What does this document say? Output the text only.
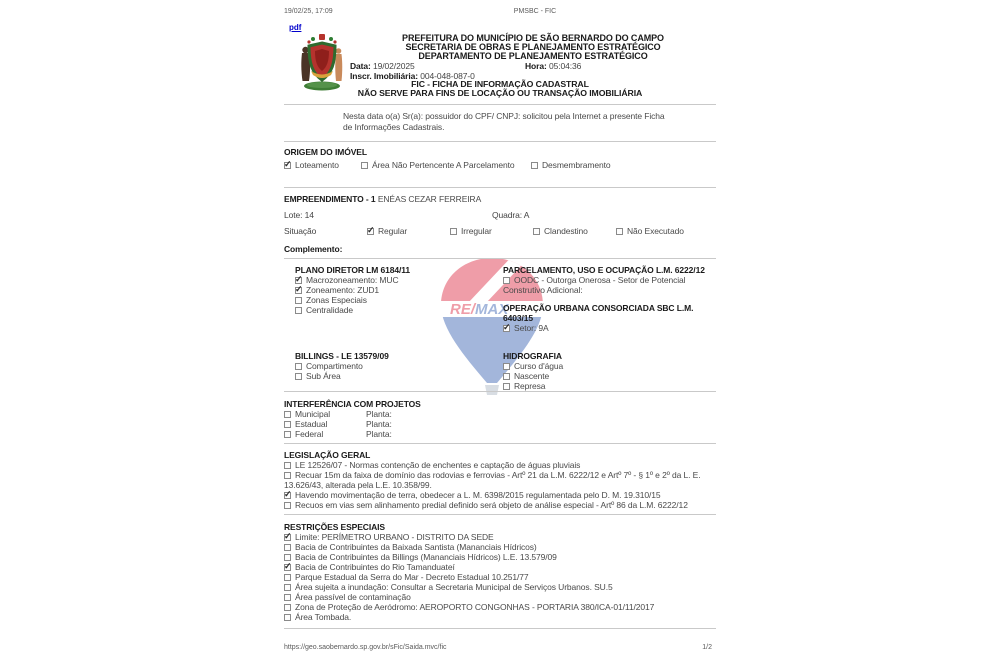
RE/MAX
19/02/25, 17:09	PMSBC - FIC
pdf
PREFEITURA DO MUNICÍPIO DE SÃO BERNARDO DO CAMPO
SECRETARIA DE OBRAS E PLANEJAMENTO ESTRATÉGICO
DEPARTAMENTO DE PLANEJAMENTO ESTRATÉGICO
Data: 19/02/2025	Hora: 05:04:36
Inscr. Imobiliária: 004-048-087-0
FIC - FICHA DE INFORMAÇÃO CADASTRAL
NÃO SERVE PARA FINS DE LOCAÇÃO OU TRANSAÇÃO IMOBILIÁRIA

Nesta data o(a) Sr(a): possuidor do CPF/ CNPJ: solicitou pela Internet a presente Ficha de Informações Cadastrais.

ORIGEM DO IMÓVEL
✓Loteamento	Área Não Pertencente A Parcelamento	Desmembramento
EMPREENDIMENTO - 1 ENÉAS CEZAR FERREIRA
Lote: 14	Quadra: A
Situação ✓	Regular	Irregular	Clandestino	Não Executado
Complemento:
PLANO DIRETOR LM 6184/11
✓Macrozoneamento: MUC
✓Zoneamento: ZUD1
Zonas Especiais
Centralidade
PARCELAMENTO, USO E OCUPAÇÃO L.M. 6222/12
OODC - Outorga Onerosa - Setor de Potencial Construtivo Adicional:
OPERAÇÃO URBANA CONSORCIADA SBC L.M. 6403/15
✓Setor: 9A
BILLINGS - LE 13579/09
Compartimento
Sub Área
HIDROGRAFIA
Curso d'água
Nascente
Represa
INTERFERÊNCIA COM PROJETOS
Municipal	Planta:
Estadual	Planta:
Federal	Planta:
LEGISLAÇÃO GERAL
LE 12526/07 - Normas contenção de enchentes e captação de águas pluviais
Recuar 15m da faixa de domínio das rodovias e ferrovias - Artº 21 da L.M. 6222/12 e Artº 7º - § 1º e 2º da L. E. 13.626/43, alterada pela L.E. 10.358/99.
✓Havendo movimentação de terra, obedecer a L. M. 6398/2015 regulamentada pelo D. M. 19.310/15
Recuos em vias sem alinhamento predial definido será objeto de análise especial - Artº 86 da L.M. 6222/12
RESTRIÇÕES ESPECIAIS
✓Limite: PERÍMETRO URBANO - DISTRITO DA SEDE
Bacia de Contribuintes da Baixada Santista (Mananciais Hídricos)
Bacia de Contribuintes da Billings (Mananciais Hídricos) L.E. 13.579/09
✓Bacia de Contribuintes do Rio Tamanduateí
Parque Estadual da Serra do Mar - Decreto Estadual 10.251/77
Área sujeita a inundação: Consultar a Secretaria Municipal de Serviços Urbanos. SU.5
Área passível de contaminação
Zona de Proteção de Aeródromo: AEROPORTO CONGONHAS - PORTARIA 380/ICA-01/11/2017
Área Tombada.
https://geo.saobernardo.sp.gov.br/sFic/Saida.mvc/fic	1/2
